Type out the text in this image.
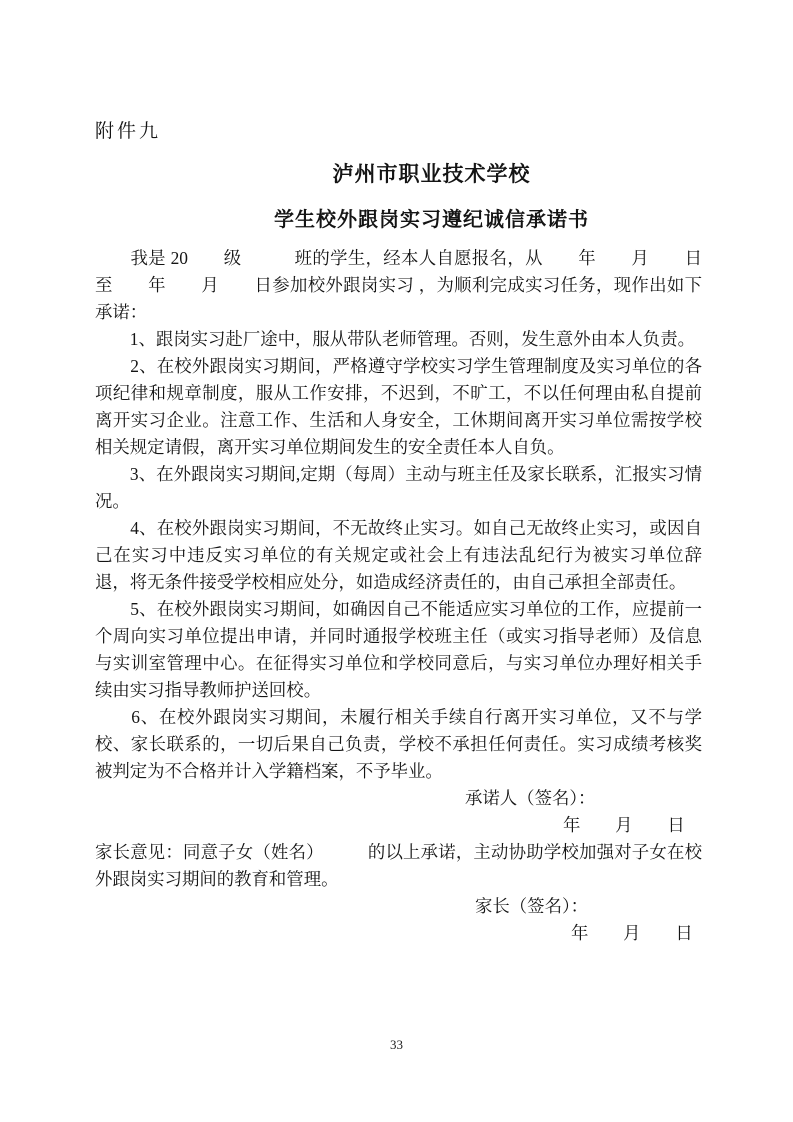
附件九

泸州市职业技术学校
学生校外跟岗实习遵纪诚信承诺书

　　我是 20　　级　　　班的学生，经本人自愿报名，从　　年　　月　　日至　　年　　月　　日参加校外跟岗实习 ，为顺利完成实习任务，现作出如下承诺：

　　1、跟岗实习赴厂途中，服从带队老师管理。否则，发生意外由本人负责。

　　2、在校外跟岗实习期间，严格遵守学校实习学生管理制度及实习单位的各项纪律和规章制度，服从工作安排，不迟到，不旷工，不以任何理由私自提前离开实习企业。注意工作、生活和人身安全，工休期间离开实习单位需按学校相关规定请假，离开实习单位期间发生的安全责任本人自负。

　　3、在外跟岗实习期间,定期（每周）主动与班主任及家长联系，汇报实习情况。

　　4、在校外跟岗实习期间，不无故终止实习。如自己无故终止实习，或因自己在实习中违反实习单位的有关规定或社会上有违法乱纪行为被实习单位辞退，将无条件接受学校相应处分，如造成经济责任的，由自己承担全部责任。

　　5、在校外跟岗实习期间，如确因自己不能适应实习单位的工作，应提前一个周向实习单位提出申请，并同时通报学校班主任（或实习指导老师）及信息与实训室管理中心。在征得实习单位和学校同意后，与实习单位办理好相关手续由实习指导教师护送回校。

　　6、在校外跟岗实习期间，未履行相关手续自行离开实习单位，又不与学校、家长联系的，一切后果自己负责，学校不承担任何责任。实习成绩考核奖被判定为不合格并计入学籍档案，不予毕业。

承诺人（签名）：

年　　月　　日

家长意见：同意子女（姓名）　　　的以上承诺，主动协助学校加强对子女在校外跟岗实习期间的教育和管理。

家长（签名）：

年　　月　　日

33
